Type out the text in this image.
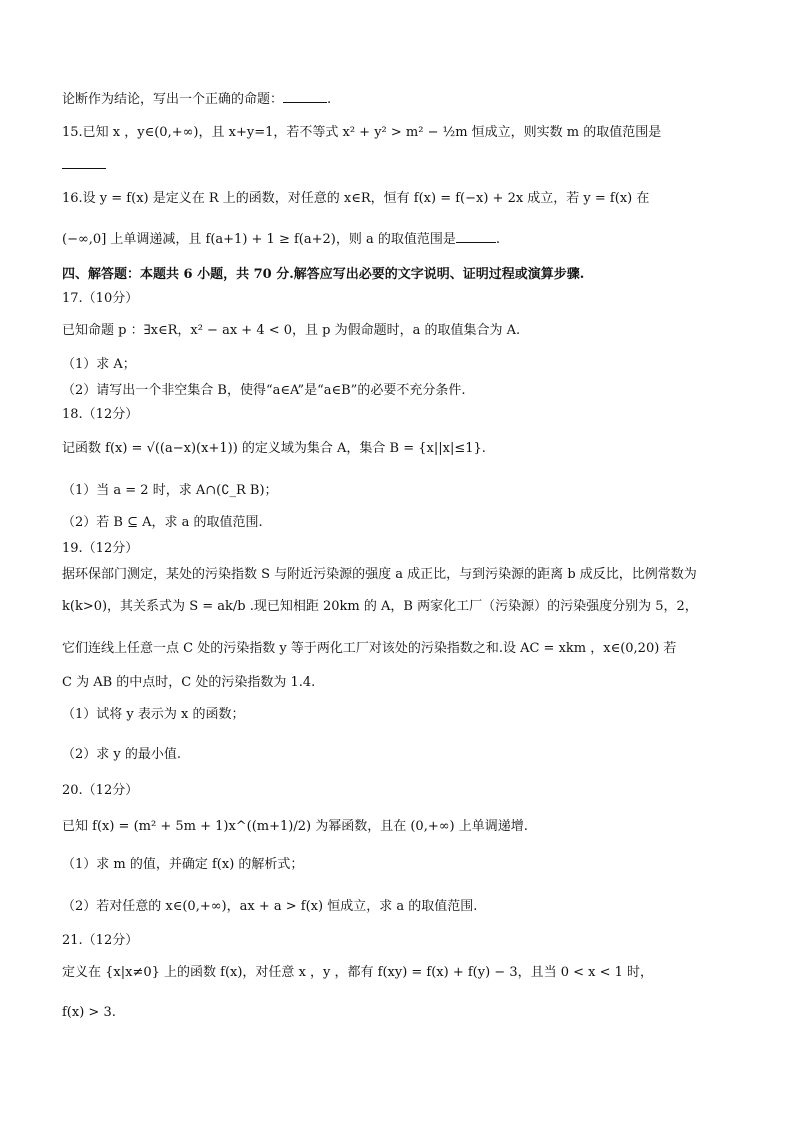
论断作为结论，写出一个正确的命题：	.
15.已知 x ，y∈(0,+∞)，且 x+y=1，若不等式 x² + y² > m² − ½m 恒成立，则实数 m 的取值范围是
16.设 y = f(x) 是定义在 R 上的函数，对任意的 x∈R，恒有 f(x) = f(−x) + 2x 成立，若 y = f(x) 在
(−∞,0] 上单调递减，且 f(a+1) + 1 ≥ f(a+2)，则 a 的取值范围是	.
四、解答题：本题共 6 小题，共 70 分.解答应写出必要的文字说明、证明过程或演算步骤.
17.（10分）
已知命题 p ：∃x∈R，x² − ax + 4 < 0，且 p 为假命题时，a 的取值集合为 A.
（1）求 A；
（2）请写出一个非空集合 B，使得“a∈A”是“a∈B”的必要不充分条件.
18.（12分）
记函数 f(x) = √((a−x)(x+1)) 的定义域为集合 A，集合 B = {x||x|≤1}.
（1）当 a = 2 时，求 A∩(∁_R B)；
（2）若 B ⊆ A，求 a 的取值范围.
19.（12分）
据环保部门测定，某处的污染指数 S 与附近污染源的强度 a 成正比，与到污染源的距离 b 成反比，比例常数为
k(k>0)，其关系式为 S = ak/b .现已知相距 20km 的 A，B 两家化工厂（污染源）的污染强度分别为 5，2，
它们连线上任意一点 C 处的污染指数 y 等于两化工厂对该处的污染指数之和.设 AC = xkm ，x∈(0,20) 若
C 为 AB 的中点时，C 处的污染指数为 1.4.
（1）试将 y 表示为 x 的函数；
（2）求 y 的最小值.
20.（12分）
已知 f(x) = (m² + 5m + 1)x^((m+1)/2) 为幂函数，且在 (0,+∞) 上单调递增.
（1）求 m 的值，并确定 f(x) 的解析式；
（2）若对任意的 x∈(0,+∞)，ax + a > f(x) 恒成立，求 a 的取值范围.
21.（12分）
定义在 {x|x≠0} 上的函数 f(x)，对任意 x ，y ，都有 f(xy) = f(x) + f(y) − 3，且当 0 < x < 1 时，
f(x) > 3.
